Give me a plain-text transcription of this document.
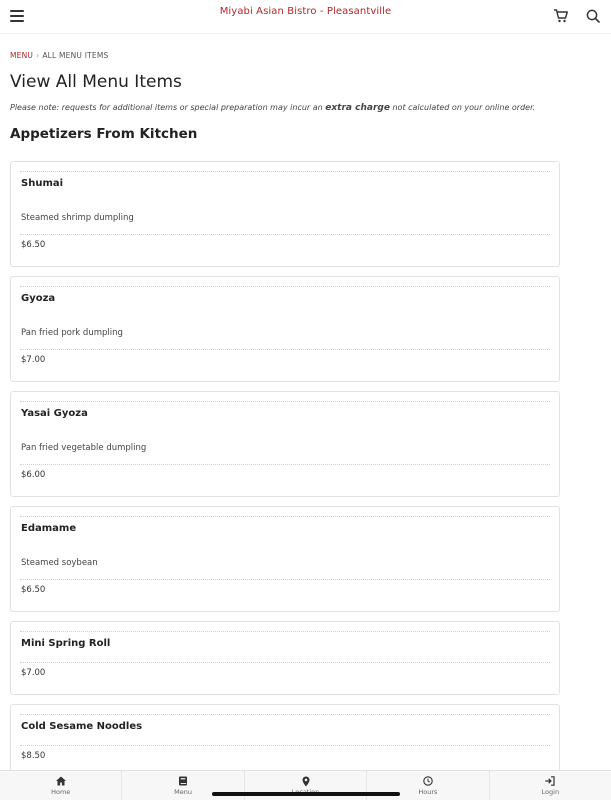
Miyabi Asian Bistro - Pleasantville
MENU › ALL MENU ITEMS
View All Menu Items
Please note: requests for additional items or special preparation may incur an extra charge not calculated on your online order.
Appetizers From Kitchen
Shumai
Steamed shrimp dumpling
$6.50
Gyoza
Pan fried pork dumpling
$7.00
Yasai Gyoza
Pan fried vegetable dumpling
$6.00
Edamame
Steamed soybean
$6.50
Mini Spring Roll
$7.00
Cold Sesame Noodles
$8.50
Home	Menu	Hours	Login
